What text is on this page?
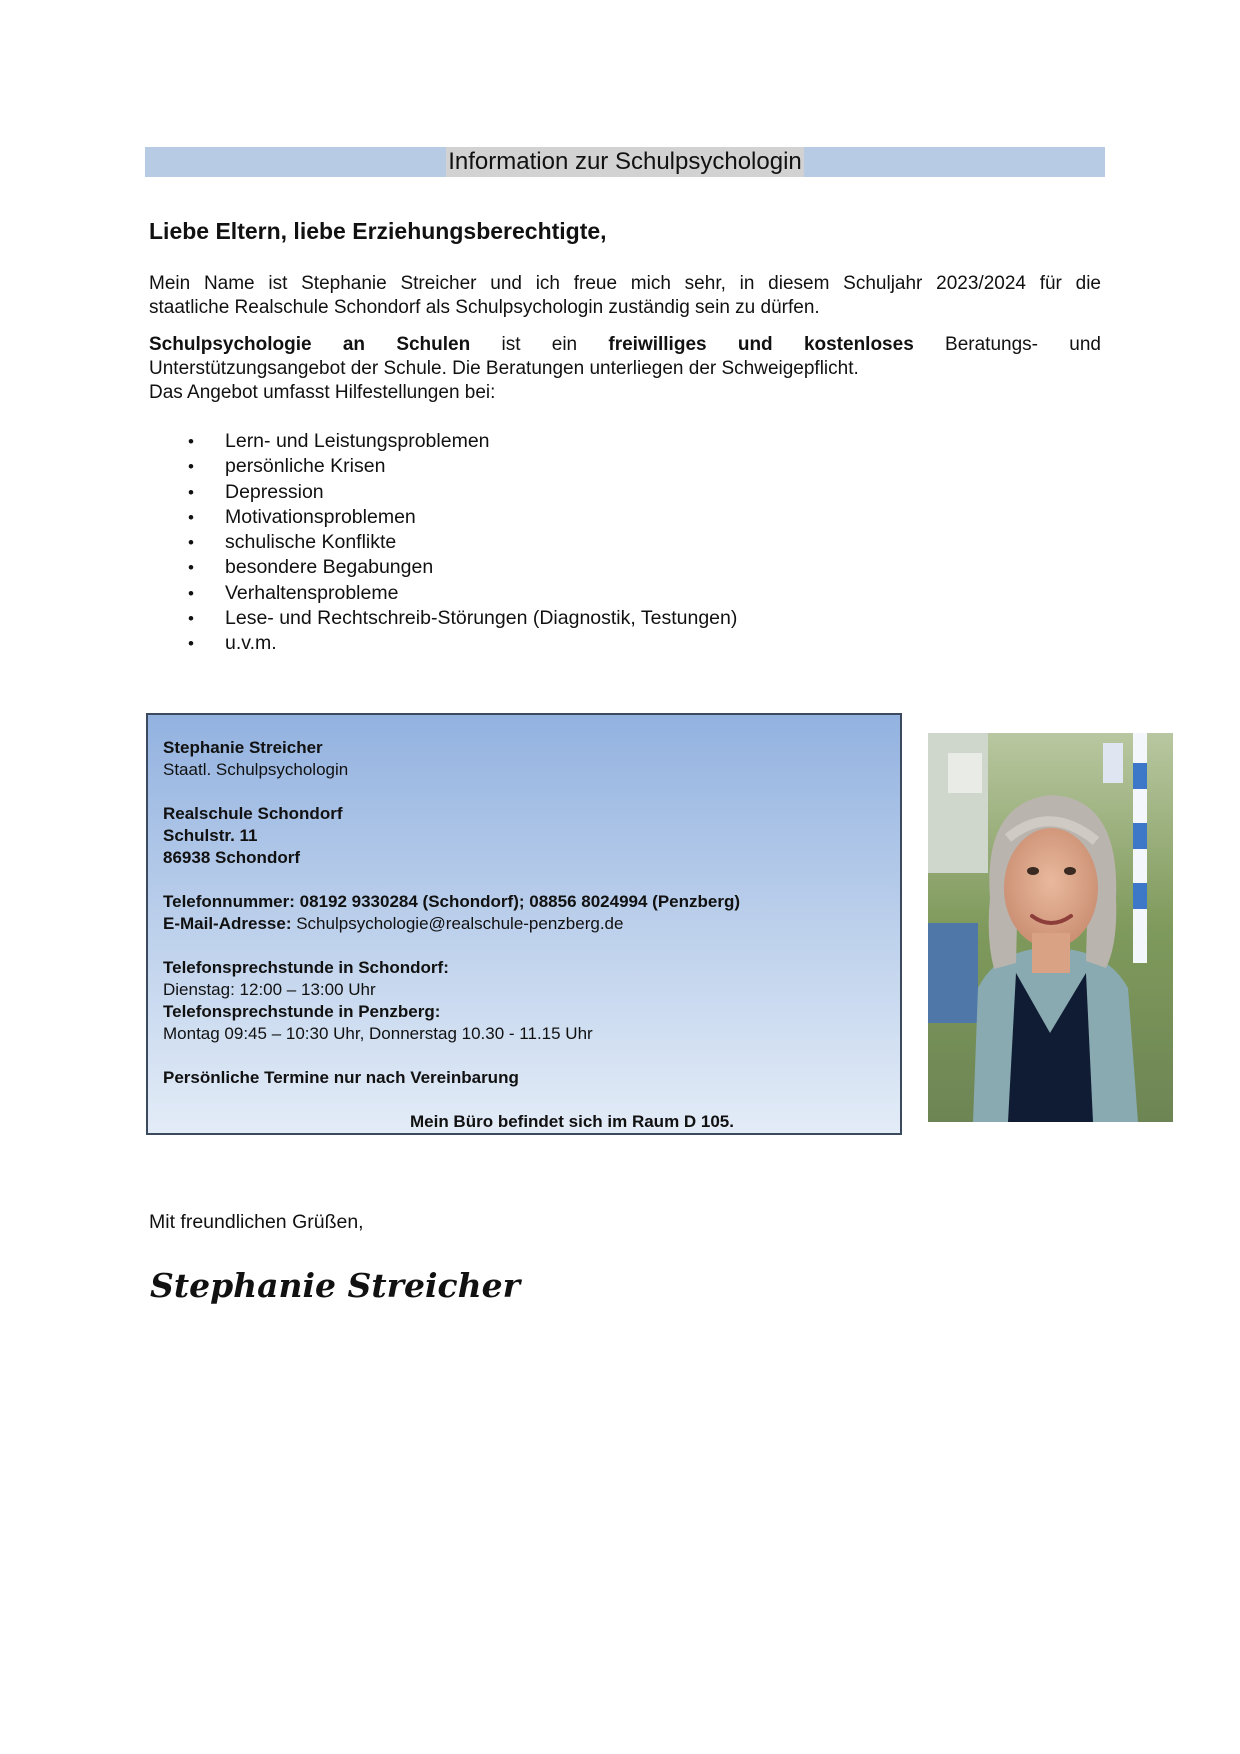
Information zur Schulpsychologin
Liebe Eltern, liebe Erziehungsberechtigte,
Mein Name ist Stephanie Streicher und ich freue mich sehr, in diesem Schuljahr 2023/2024 für die
staatliche Realschule Schondorf als Schulpsychologin zuständig sein zu dürfen.
Schulpsychologie an Schulen ist ein freiwilliges und kostenloses Beratungs- und
Unterstützungsangebot der Schule. Die Beratungen unterliegen der Schweigepflicht.
Das Angebot umfasst Hilfestellungen bei:
• Lern- und Leistungsproblemen
• persönliche Krisen
• Depression
• Motivationsproblemen
• schulische Konflikte
• besondere Begabungen
• Verhaltensprobleme
• Lese- und Rechtschreib-Störungen (Diagnostik, Testungen)
• u.v.m.
Stephanie Streicher
Staatl. Schulpsychologin
Realschule Schondorf
Schulstr. 11
86938 Schondorf
Telefonnummer: 08192 9330284 (Schondorf); 08856 8024994 (Penzberg)
E-Mail-Adresse: Schulpsychologie@realschule-penzberg.de
Telefonsprechstunde in Schondorf:
Dienstag: 12:00 – 13:00 Uhr
Telefonsprechstunde in Penzberg:
Montag 09:45 – 10:30 Uhr, Donnerstag 10.30 - 11.15 Uhr
Persönliche Termine nur nach Vereinbarung
Mein Büro befindet sich im Raum D 105.
Mit freundlichen Grüßen,
Stephanie Streicher
